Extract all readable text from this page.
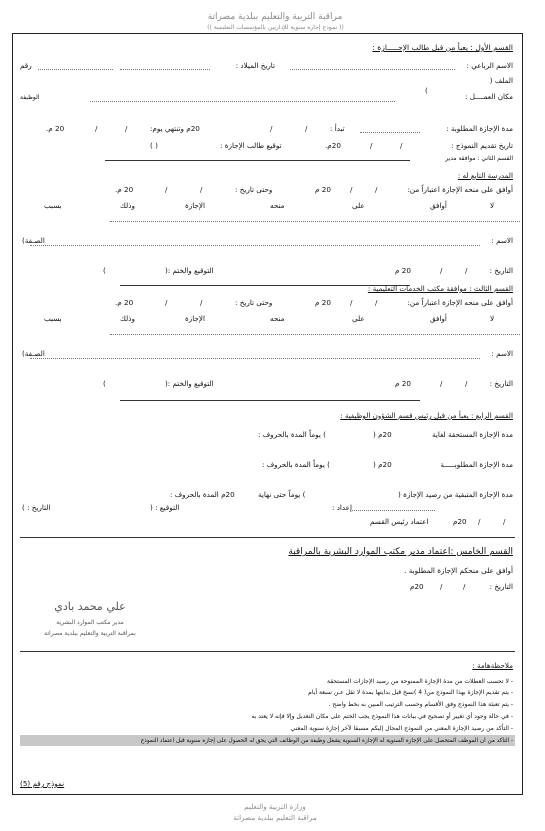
مراقبة التربية والتعليم ببلدية مصراتة
(( نموذج إجازة سنوية للإداريين بالمؤسسات التعليمية ))
القسم الأول : يعبأ من قبل طالب الإجـــــازة :
الاسم الرباعي :
تاريخ الميلاد :
رقم
الملف (
)
مكان العمــــل :
الوظيفة
مدة الإجازة المطلوبة :
تبدأ :
/
/
20م وتنتهي يوم:
/
/
20 م.
تاريخ تقديم النموذج :
/
/
20م.
توقيع طالب الإجازة :
( )
القسم الثاني : موافقة مدير
المدرسة التابع له :
أوافق على منحه الإجازة اعتباراً من:
/
/
20 م
وحتى تاريخ :
/
/
20 م.
لا
أوافق
على
منحه
الإجازة
وذلك
بسبب
الاسم :
الصـفة)
التاريخ :
/
/
20 م
التوقيع والختم :(
)
القسم الثالث : موافقة مكتب الخدمات التعليمية :
أوافق على منحه الإجازة اعتباراً من:
/
/
20 م
وحتى تاريخ :
/
/
20 م.
لا
أوافق
على
منحه
الإجازة
وذلك
بسبب
الاسم :
الصـفة)
التاريخ :
/
/
20 م
التوقيع والختم :(
)
القسم الرابع : يعبأ من قبل رئيس قسم الشؤون الوظيفية :
مدة الإجازة المستحقة لغاية
20م (
) يوماً المدة بالحروف :
مدة الإجازة المطلوبـــــة
20م (
) يوماً المدة بالحروف :
مدة الإجازة المتبقية من رصيد الإجازة (
) يوماً حتى نهاية
20م المدة بالحروف :
إعداد :
التوقيع : (
التاريخ : )
/
/
20م
اعتماد رئيس القسم
القسم الخامس :اعتماد مدير مكتب الموارد البشرية بالمراقبة
أوافق على منحكم الإجازة المطلوبة .
التاريخ :
/
/
20م
علي محمد بادي
مدير مكتب الموارد البشرية
بمراقبة التربية والتعليم ببلدية مصراتة
ملاحظةهامة :
- لا تحسب العطلات من مدة الإجازة الممنوحة من رصيد الإجازات المستحقة
- يتم تقديم الإجازة بهذا النموذج من( 4 )نسخ قبل بدايتها بمدة لا تقل عـن سبعة أيام
- يتم تعبئة هذا النموذج وفق الأقسام وحسب الترتيب المبين به بخط واضح .
- في حالة وجود أي تغيير أو تصحيح في بيانات هذا النموذج يجب الختم على مكان التعديل وإلا فإنه لا يعتد به
- التأكد من رصيد الإجازة المعني من النموذج المحال إليكم مسبقا لآخر إجازة سنوية المعني
- التأكد من أن الموظف المتحصل على الإجازة السنوية له الإجازة السنوية يشغل وظيفة من الوظائف التي يحق له الحصول على إجازة سنوية قبل اعتماد النموذج
نموذج رقم (5)
وزارة التربية والتعليم
مراقبة التعليم ببلدية مصراتة
